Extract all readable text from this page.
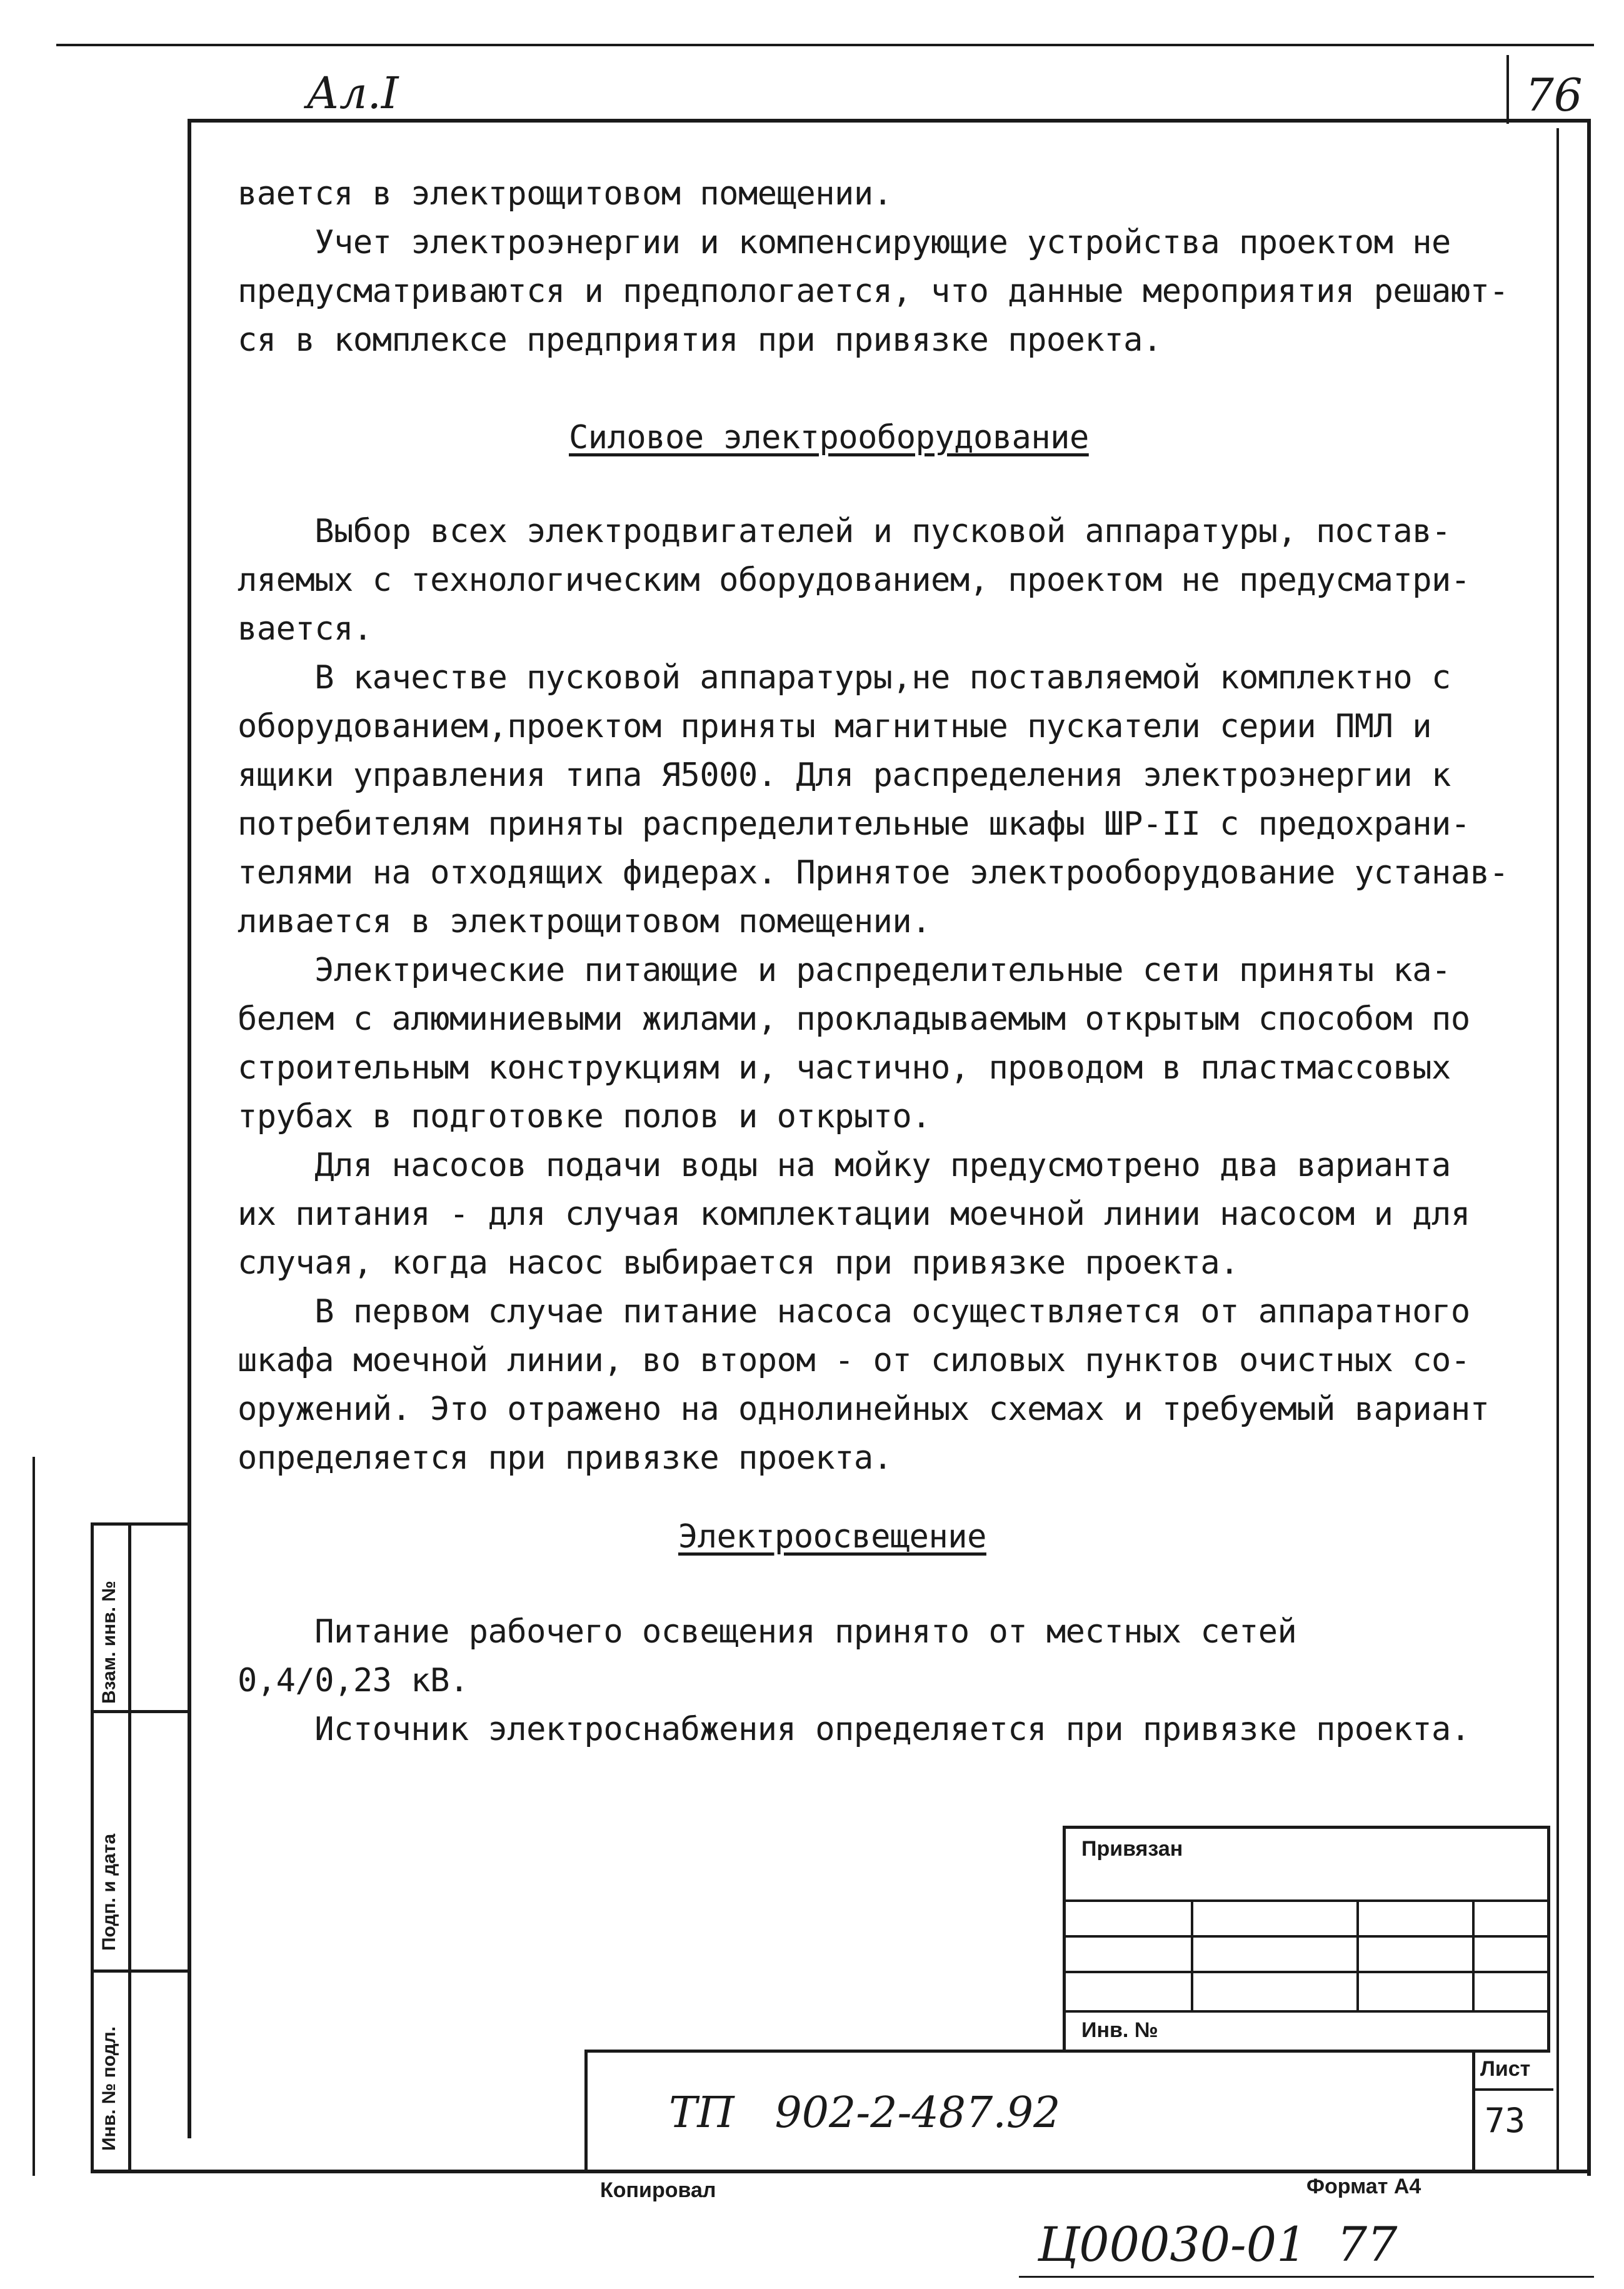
Ал.I	76

вается в электрощитовом помещении.

Учет электроэнергии и компенсирующие устройства проектом не

предусматриваются и предпологается, что данные мероприятия решают-

ся в комплексе предприятия при привязке проекта.

Силовое электрооборудование

Выбор всех электродвигателей и пусковой аппаратуры, постав-

ляемых с технологическим оборудованием, проектом не предусматри-

вается.

В качестве пусковой аппаратуры,не поставляемой комплектно с

оборудованием,проектом приняты магнитные пускатели серии ПМЛ и

ящики управления типа Я5000. Для распределения электроэнергии к

потребителям приняты распределительные шкафы ШР-II с предохрани-

телями на отходящих фидерах. Принятое электрооборудование устанав-

ливается в электрощитовом помещении.

Электрические питающие и распределительные сети приняты ка-

белем с алюминиевыми жилами, прокладываемым открытым способом по

строительным конструкциям и, частично, проводом в пластмассовых

трубах в подготовке полов и открыто.

Для насосов подачи воды на мойку предусмотрено два варианта

их питания - для случая комплектации моечной линии насосом и для

случая, когда насос выбирается при привязке проекта.

В первом случае питание насоса осуществляется от аппаратного

шкафа моечной линии, во втором - от силовых пунктов очистных со-

оружений. Это отражено на однолинейных схемах и требуемый вариант

определяется при привязке проекта.

Электроосвещение

Питание рабочего освещения принято от местных сетей

0,4/0,23 кВ.

Источник электроснабжения определяется при привязке проекта.

Взам. инв. №
Подп. и дата
Инв. № подл.
Привязан
Инв. №
ТП   902-2-487.92
Лист
73
Копировал	Формат А4
Ц00030-01  77
